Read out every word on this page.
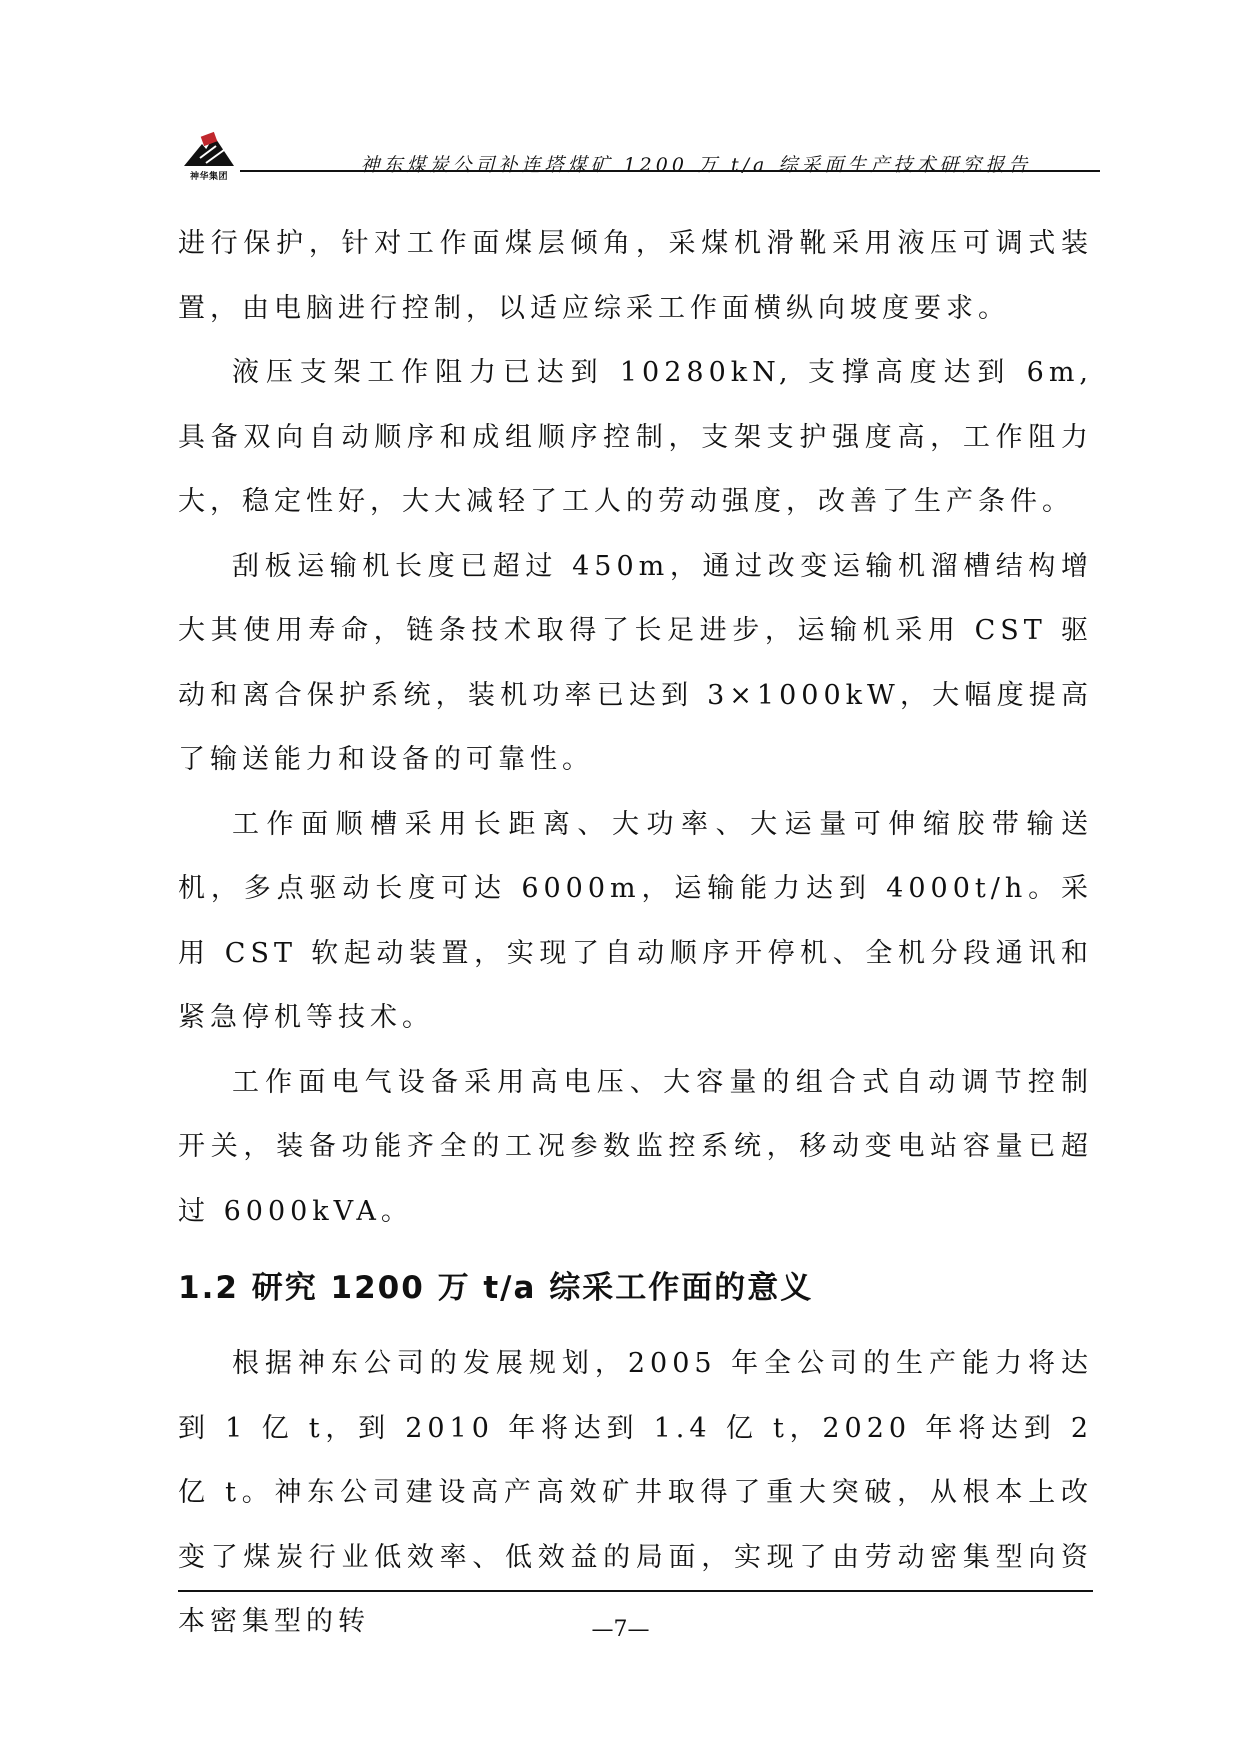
神华集团
神东煤炭公司补连塔煤矿 1200 万 t/a 综采面生产技术研究报告

进行保护，针对工作面煤层倾角，采煤机滑靴采用液压可调式装置，由电脑进行控制，以适应综采工作面横纵向坡度要求。

液压支架工作阻力已达到 10280kN, 支撑高度达到 6m, 具备双向自动顺序和成组顺序控制，支架支护强度高，工作阻力大，稳定性好，大大减轻了工人的劳动强度，改善了生产条件。

刮板运输机长度已超过 450m，通过改变运输机溜槽结构增大其使用寿命，链条技术取得了长足进步，运输机采用 CST 驱动和离合保护系统，装机功率已达到 3×1000kW，大幅度提高了输送能力和设备的可靠性。

工作面顺槽采用长距离、大功率、大运量可伸缩胶带输送机，多点驱动长度可达 6000m，运输能力达到 4000t/h。采用 CST 软起动装置，实现了自动顺序开停机、全机分段通讯和紧急停机等技术。

工作面电气设备采用高电压、大容量的组合式自动调节控制开关，装备功能齐全的工况参数监控系统，移动变电站容量已超过 6000kVA。

1.2 研究 1200 万 t/a 综采工作面的意义

根据神东公司的发展规划，2005 年全公司的生产能力将达到 1 亿 t，到 2010 年将达到 1.4 亿 t，2020 年将达到 2 亿 t。神东公司建设高产高效矿井取得了重大突破，从根本上改变了煤炭行业低效率、低效益的局面，实现了由劳动密集型向资本密集型的转	—7—
